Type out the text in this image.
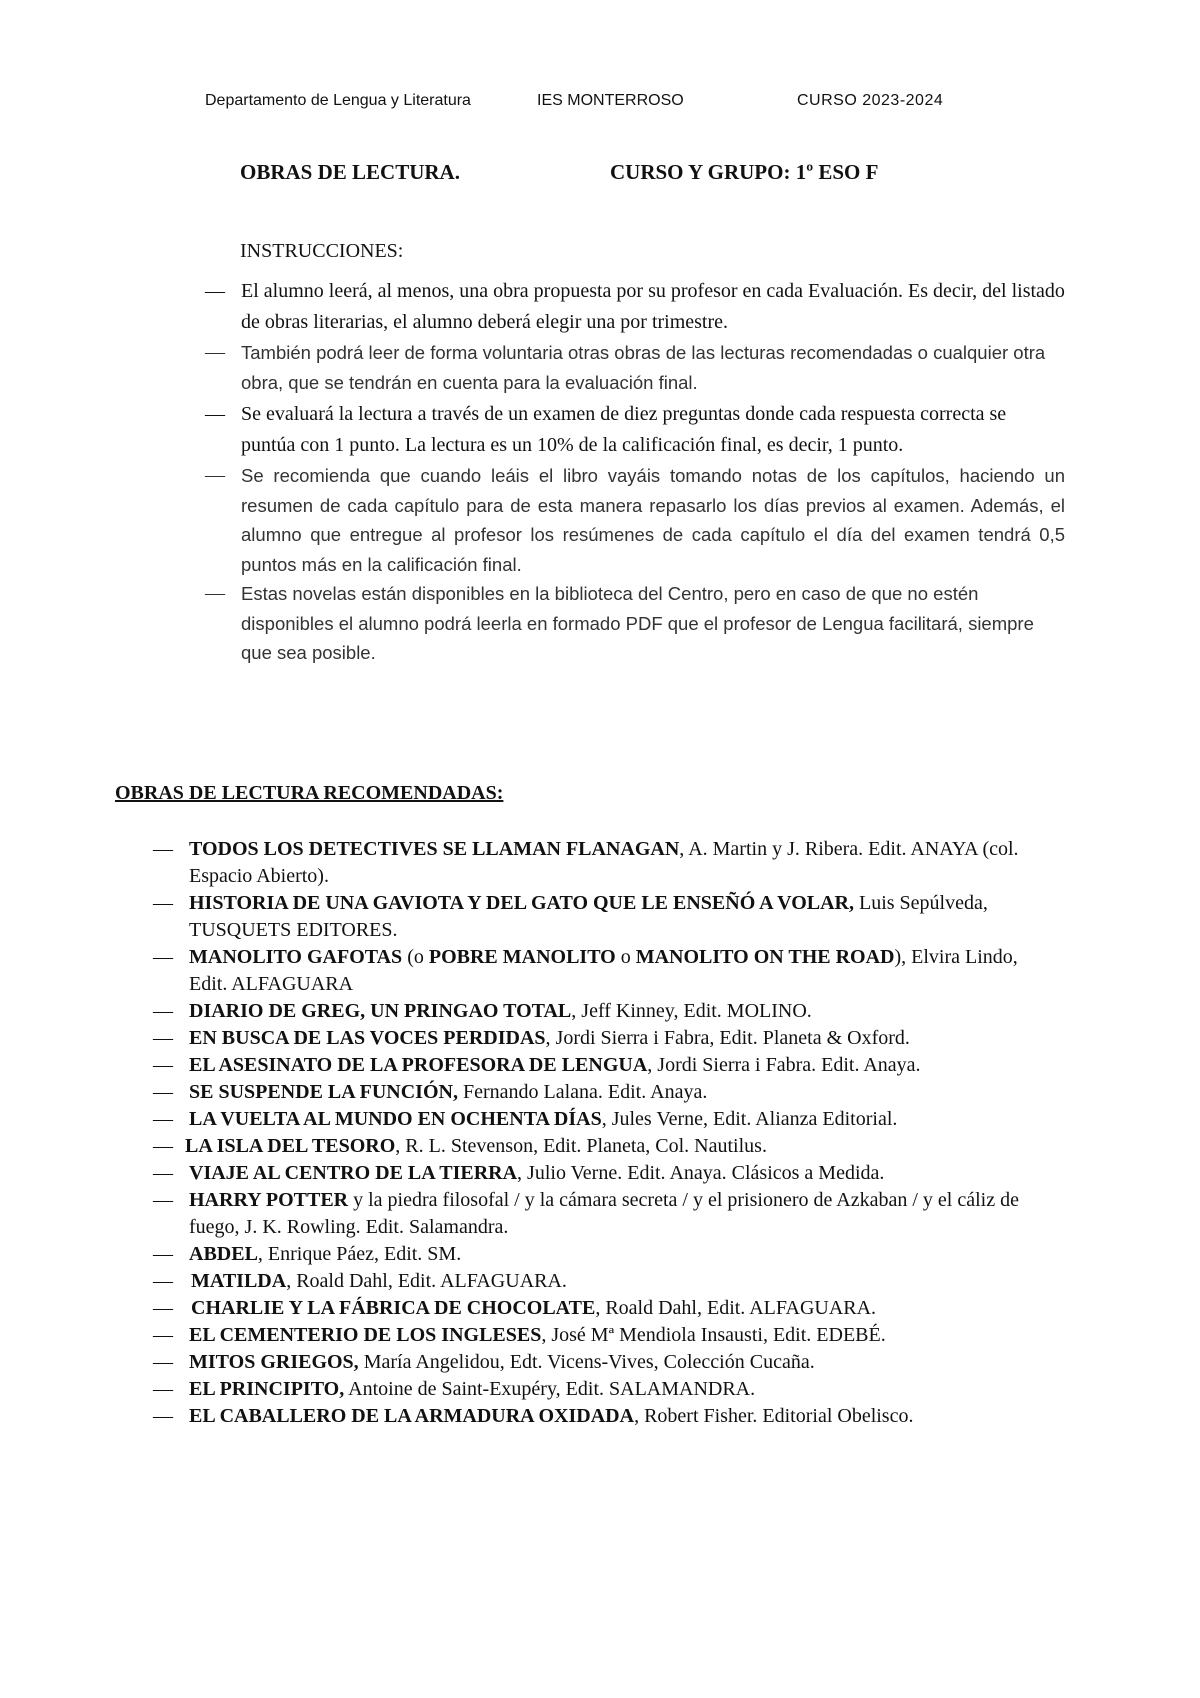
Departamento de Lengua y Literatura	IES MONTERROSO	CURSO 2023-2024
OBRAS DE LECTURA.	CURSO Y GRUPO: 1º ESO F
INSTRUCCIONES:

— El alumno leerá, al menos, una obra propuesta por su profesor en cada Evaluación. Es decir, del listado de obras literarias, el alumno deberá elegir una por trimestre.

— También podrá leer de forma voluntaria otras obras de las lecturas recomendadas o cualquier otra obra, que se tendrán en cuenta para la evaluación final.

— Se evaluará la lectura a través de un examen de diez preguntas donde cada respuesta correcta se puntúa con 1 punto. La lectura es un 10% de la calificación final, es decir, 1 punto.

— Se recomienda que cuando leáis el libro vayáis tomando notas de los capítulos, haciendo un resumen de cada capítulo para de esta manera repasarlo los días previos al examen. Además, el alumno que entregue al profesor los resúmenes de cada capítulo el día del examen tendrá 0,5 puntos más en la calificación final.

— Estas novelas están disponibles en la biblioteca del Centro, pero en caso de que no estén disponibles el alumno podrá leerla en formado PDF que el profesor de Lengua facilitará, siempre que sea posible.

OBRAS DE LECTURA RECOMENDADAS:
— TODOS LOS DETECTIVES SE LLAMAN FLANAGAN, A. Martin y J. Ribera. Edit. ANAYA (col. Espacio Abierto).
— HISTORIA DE UNA GAVIOTA Y DEL GATO QUE LE ENSEÑÓ A VOLAR, Luis Sepúlveda, TUSQUETS EDITORES.
— MANOLITO GAFOTAS (o POBRE MANOLITO o MANOLITO ON THE ROAD), Elvira Lindo, Edit. ALFAGUARA
— DIARIO DE GREG, UN PRINGAO TOTAL, Jeff Kinney, Edit. MOLINO.
— EN BUSCA DE LAS VOCES PERDIDAS, Jordi Sierra i Fabra, Edit. Planeta & Oxford.
— EL ASESINATO DE LA PROFESORA DE LENGUA, Jordi Sierra i Fabra. Edit. Anaya.
— SE SUSPENDE LA FUNCIÓN, Fernando Lalana. Edit. Anaya.
— LA VUELTA AL MUNDO EN OCHENTA DÍAS, Jules Verne, Edit. Alianza Editorial.
— LA ISLA DEL TESORO, R. L. Stevenson, Edit. Planeta, Col. Nautilus.
— VIAJE AL CENTRO DE LA TIERRA, Julio Verne. Edit. Anaya. Clásicos a Medida.
— HARRY POTTER y la piedra filosofal / y la cámara secreta / y el prisionero de Azkaban / y el cáliz de fuego, J. K. Rowling. Edit. Salamandra.
— ABDEL, Enrique Páez, Edit. SM.
— MATILDA, Roald Dahl, Edit. ALFAGUARA.
— CHARLIE Y LA FÁBRICA DE CHOCOLATE, Roald Dahl, Edit. ALFAGUARA.
— EL CEMENTERIO DE LOS INGLESES, José Mª Mendiola Insausti, Edit. EDEBÉ.
— MITOS GRIEGOS, María Angelidou, Edt. Vicens-Vives, Colección Cucaña.
— EL PRINCIPITO, Antoine de Saint-Exupéry, Edit. SALAMANDRA.
— EL CABALLERO DE LA ARMADURA OXIDADA, Robert Fisher. Editorial Obelisco.
